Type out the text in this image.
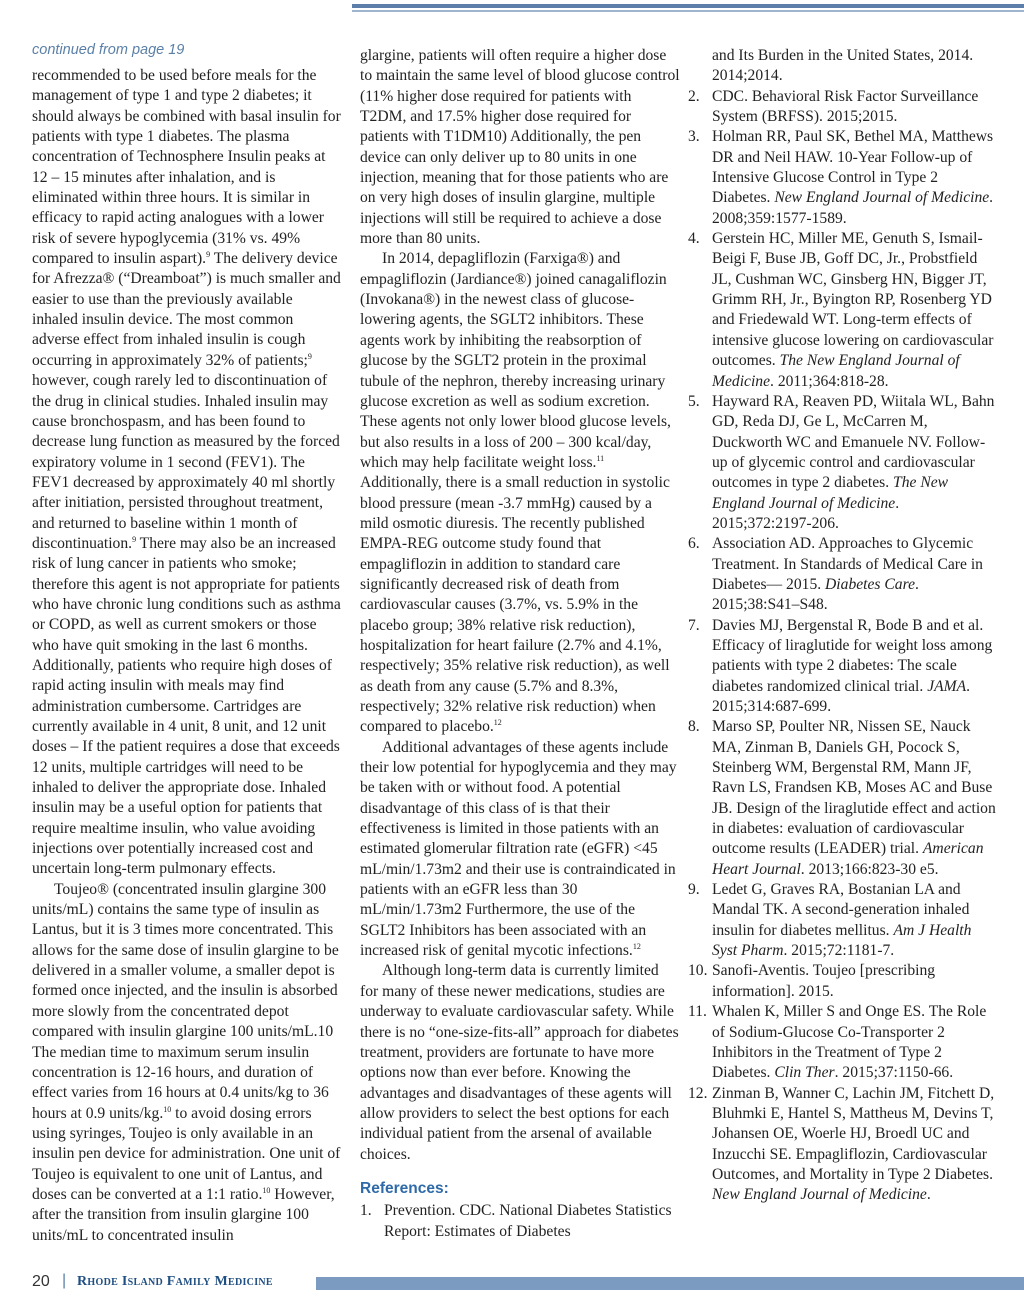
continued from page 19

recommended to be used before meals for the management of type 1 and type 2 diabetes; it should always be combined with basal insulin for patients with type 1 diabetes. The plasma concentration of Technosphere Insulin peaks at 12 – 15 minutes after inhalation, and is eliminated within three hours. It is similar in efficacy to rapid acting analogues with a lower risk of severe hypoglycemia (31% vs. 49% compared to insulin aspart).$^9$ The delivery device for Afrezza® (“Dreamboat”) is much smaller and easier to use than the previously available inhaled insulin device. The most common adverse effect from inhaled insulin is cough occurring in approximately 32% of patients;$^9$ however, cough rarely led to discontinuation of the drug in clinical studies. Inhaled insulin may cause bronchospasm, and has been found to decrease lung function as measured by the forced expiratory volume in 1 second (FEV1). The FEV1 decreased by approximately 40 ml shortly after initiation, persisted throughout treatment, and returned to baseline within 1 month of discontinuation.$^9$ There may also be an increased risk of lung cancer in patients who smoke; therefore this agent is not appropriate for patients who have chronic lung conditions such as asthma or COPD, as well as current smokers or those who have quit smoking in the last 6 months. Additionally, patients who require high doses of rapid acting insulin with meals may find administration cumbersome. Cartridges are currently available in 4 unit, 8 unit, and 12 unit doses – If the patient requires a dose that exceeds 12 units, multiple cartridges will need to be inhaled to deliver the appropriate dose. Inhaled insulin may be a useful option for patients that require mealtime insulin, who value avoiding injections over potentially increased cost and uncertain long-term pulmonary effects.

Toujeo® (concentrated insulin glargine 300 units/mL) contains the same type of insulin as Lantus, but it is 3 times more concentrated. This allows for the same dose of insulin glargine to be delivered in a smaller volume, a smaller depot is formed once injected, and the insulin is absorbed more slowly from the concentrated depot compared with insulin glargine 100 units/mL.10 The median time to maximum serum insulin concentration is 12-16 hours, and duration of effect varies from 16 hours at 0.4 units/kg to 36 hours at 0.9 units/kg.$^{10}$ to avoid dosing errors using syringes, Toujeo is only available in an insulin pen device for administration. One unit of Toujeo is equivalent to one unit of Lantus, and doses can be converted at a 1:1 ratio.$^{10}$ However, after the transition from insulin glargine 100 units/mL to concentrated insulin

glargine, patients will often require a higher dose to maintain the same level of blood glucose control (11% higher dose required for patients with T2DM, and 17.5% higher dose required for patients with T1DM10) Additionally, the pen device can only deliver up to 80 units in one injection, meaning that for those patients who are on very high doses of insulin glargine, multiple injections will still be required to achieve a dose more than 80 units.

In 2014, depagliflozin (Farxiga®) and empagliflozin (Jardiance®) joined canagaliflozin (Invokana®) in the newest class of glucose-lowering agents, the SGLT2 inhibitors. These agents work by inhibiting the reabsorption of glucose by the SGLT2 protein in the proximal tubule of the nephron, thereby increasing urinary glucose excretion as well as sodium excretion. These agents not only lower blood glucose levels, but also results in a loss of 200 – 300 kcal/day, which may help facilitate weight loss.$^{11}$ Additionally, there is a small reduction in systolic blood pressure (mean -3.7 mmHg) caused by a mild osmotic diuresis. The recently published EMPA-REG outcome study found that empagliflozin in addition to standard care significantly decreased risk of death from cardiovascular causes (3.7%, vs. 5.9% in the placebo group; 38% relative risk reduction), hospitalization for heart failure (2.7% and 4.1%, respectively; 35% relative risk reduction), as well as death from any cause (5.7% and 8.3%, respectively; 32% relative risk reduction) when compared to placebo.$^{12}$

Additional advantages of these agents include their low potential for hypoglycemia and they may be taken with or without food. A potential disadvantage of this class of is that their effectiveness is limited in those patients with an estimated glomerular filtration rate (eGFR) <45 mL/min/1.73m2 and their use is contraindicated in patients with an eGFR less than 30 mL/min/1.73m2 Furthermore, the use of the SGLT2 Inhibitors has been associated with an increased risk of genital mycotic infections.$^{12}$

Although long-term data is currently limited for many of these newer medications, studies are underway to evaluate cardiovascular safety. While there is no “one-size-fits-all” approach for diabetes treatment, providers are fortunate to have more options now than ever before. Knowing the advantages and disadvantages of these agents will allow providers to select the best options for each individual patient from the arsenal of available choices.

References:
1. Prevention. CDC. National Diabetes Statistics Report: Estimates of Diabetes
and Its Burden in the United States, 2014. 2014;2014.
2. CDC. Behavioral Risk Factor Surveillance System (BRFSS). 2015;2015.
3. Holman RR, Paul SK, Bethel MA, Matthews DR and Neil HAW. 10-Year Follow-up of Intensive Glucose Control in Type 2 Diabetes. New England Journal of Medicine. 2008;359:1577-1589.
4. Gerstein HC, Miller ME, Genuth S, Ismail-Beigi F, Buse JB, Goff DC, Jr., Probstfield JL, Cushman WC, Ginsberg HN, Bigger JT, Grimm RH, Jr., Byington RP, Rosenberg YD and Friedewald WT. Long-term effects of intensive glucose lowering on cardiovascular outcomes. The New England Journal of Medicine. 2011;364:818-28.
5. Hayward RA, Reaven PD, Wiitala WL, Bahn GD, Reda DJ, Ge L, McCarren M, Duckworth WC and Emanuele NV. Follow-up of glycemic control and cardiovascular outcomes in type 2 diabetes. The New England Journal of Medicine. 2015;372:2197-206.
6. Association AD. Approaches to Glycemic Treatment. In Standards of Medical Care in Diabetes— 2015. Diabetes Care. 2015;38:S41–S48.
7. Davies MJ, Bergenstal R, Bode B and et al. Efficacy of liraglutide for weight loss among patients with type 2 diabetes: The scale diabetes randomized clinical trial. JAMA. 2015;314:687-699.
8. Marso SP, Poulter NR, Nissen SE, Nauck MA, Zinman B, Daniels GH, Pocock S, Steinberg WM, Bergenstal RM, Mann JF, Ravn LS, Frandsen KB, Moses AC and Buse JB. Design of the liraglutide effect and action in diabetes: evaluation of cardiovascular outcome results (LEADER) trial. American Heart Journal. 2013;166:823-30 e5.
9. Ledet G, Graves RA, Bostanian LA and Mandal TK. A second-generation inhaled insulin for diabetes mellitus. Am J Health Syst Pharm. 2015;72:1181-7.
10. Sanofi-Aventis. Toujeo [prescribing information]. 2015.
11. Whalen K, Miller S and Onge ES. The Role of Sodium-Glucose Co-Transporter 2 Inhibitors in the Treatment of Type 2 Diabetes. Clin Ther. 2015;37:1150-66.
12. Zinman B, Wanner C, Lachin JM, Fitchett D, Bluhmki E, Hantel S, Mattheus M, Devins T, Johansen OE, Woerle HJ, Broedl UC and Inzucchi SE. Empagliflozin, Cardiovascular Outcomes, and Mortality in Type 2 Diabetes. New England Journal of Medicine.
20 | Rhode Island Family Medicine
